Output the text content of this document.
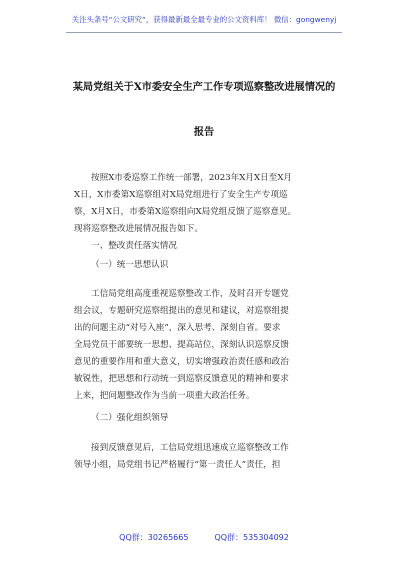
关注头条号“公文研究”，获得最新最全最专业的公文资料库！ 微信：gongwenyj
某局党组关于X市委安全生产工作专项巡察整改进展情况的
报告

按照X市委巡察工作统一部署，2023年X月X日至X月

X日，X市委第X巡察组对X局党组进行了安全生产专项巡

察，X月X日，市委第X巡察组向X局党组反馈了巡察意见。

现将巡察整改进展情况报告如下。

一、整改责任落实情况

（一）统一思想认识

工信局党组高度重视巡察整改工作，及时召开专题党

组会议，专题研究巡察组提出的意见和建议，对巡察组提

出的问题主动“对号入座”，深入思考、深刻自省。要求

全局党员干部要统一思想、提高站位，深刻认识巡察反馈

意见的重要作用和重大意义，切实增强政治责任感和政治

敏锐性，把思想和行动统一到巡察反馈意见的精神和要求

上来，把问题整改作为当前一项重大政治任务。

（二）强化组织领导

接到反馈意见后，工信局党组迅速成立巡察整改工作

领导小组，局党组书记严格履行“第一责任人”责任，担

QQ群：30265665	QQ群：535304092
